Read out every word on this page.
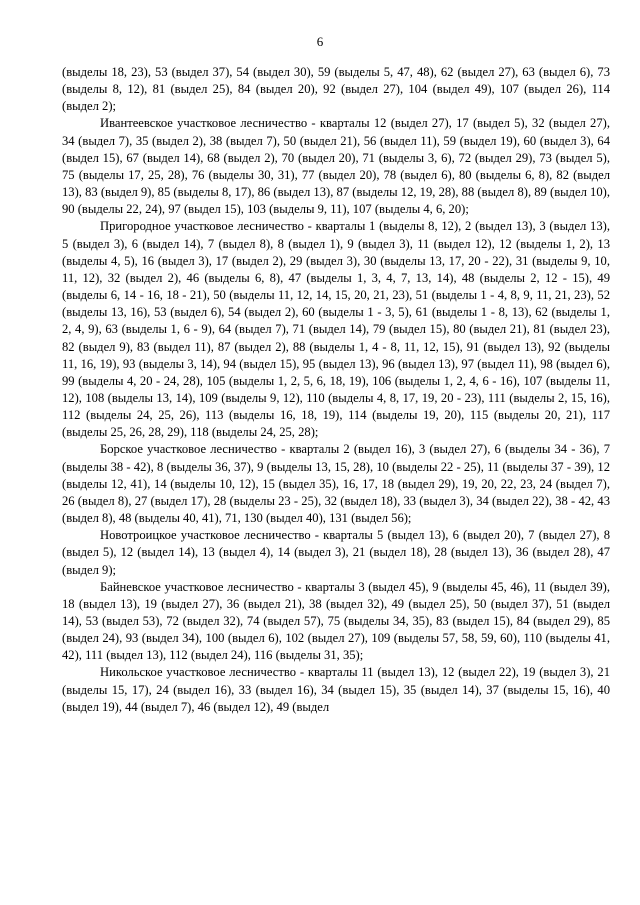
6

(выделы 18, 23), 53 (выдел 37), 54 (выдел 30), 59 (выделы 5, 47, 48), 62 (выдел 27), 63 (выдел 6), 73 (выделы 8, 12), 81 (выдел 25), 84 (выдел 20), 92 (выдел 27), 104 (выдел 49), 107 (выдел 26), 114 (выдел 2);

Ивантеевское участковое лесничество - кварталы 12 (выдел 27), 17 (выдел 5), 32 (выдел 27), 34 (выдел 7), 35 (выдел 2), 38 (выдел 7), 50 (выдел 21), 56 (выдел 11), 59 (выдел 19), 60 (выдел 3), 64 (выдел 15), 67 (выдел 14), 68 (выдел 2), 70 (выдел 20), 71 (выделы 3, 6), 72 (выдел 29), 73 (выдел 5), 75 (выделы 17, 25, 28), 76 (выделы 30, 31), 77 (выдел 20), 78 (выдел 6), 80 (выделы 6, 8), 82 (выдел 13), 83 (выдел 9), 85 (выделы 8, 17), 86 (выдел 13), 87 (выделы 12, 19, 28), 88 (выдел 8), 89 (выдел 10), 90 (выделы 22, 24), 97 (выдел 15), 103 (выделы 9, 11), 107 (выделы 4, 6, 20);

Пригородное участковое лесничество - кварталы 1 (выделы 8, 12), 2 (выдел 13), 3 (выдел 13), 5 (выдел 3), 6 (выдел 14), 7 (выдел 8), 8 (выдел 1), 9 (выдел 3), 11 (выдел 12), 12 (выделы 1, 2), 13 (выделы 4, 5), 16 (выдел 3), 17 (выдел 2), 29 (выдел 3), 30 (выделы 13, 17, 20 - 22), 31 (выделы 9, 10, 11, 12), 32 (выдел 2), 46 (выделы 6, 8), 47 (выделы 1, 3, 4, 7, 13, 14), 48 (выделы 2, 12 - 15), 49 (выделы 6, 14 - 16, 18 - 21), 50 (выделы 11, 12, 14, 15, 20, 21, 23), 51 (выделы 1 - 4, 8, 9, 11, 21, 23), 52 (выделы 13, 16), 53 (выдел 6), 54 (выдел 2), 60 (выделы 1 - 3, 5), 61 (выделы 1 - 8, 13), 62 (выделы 1, 2, 4, 9), 63 (выделы 1, 6 - 9), 64 (выдел 7), 71 (выдел 14), 79 (выдел 15), 80 (выдел 21), 81 (выдел 23), 82 (выдел 9), 83 (выдел 11), 87 (выдел 2), 88 (выделы 1, 4 - 8, 11, 12, 15), 91 (выдел 13), 92 (выделы 11, 16, 19), 93 (выделы 3, 14), 94 (выдел 15), 95 (выдел 13), 96 (выдел 13), 97 (выдел 11), 98 (выдел 6), 99 (выделы 4, 20 - 24, 28), 105 (выделы 1, 2, 5, 6, 18, 19), 106 (выделы 1, 2, 4, 6 - 16), 107 (выделы 11, 12), 108 (выделы 13, 14), 109 (выделы 9, 12), 110 (выделы 4, 8, 17, 19, 20 - 23), 111 (выделы 2, 15, 16), 112 (выделы 24, 25, 26), 113 (выделы 16, 18, 19), 114 (выделы 19, 20), 115 (выделы 20, 21), 117 (выделы 25, 26, 28, 29), 118 (выделы 24, 25, 28);

Борское участковое лесничество - кварталы 2 (выдел 16), 3 (выдел 27), 6 (выделы 34 - 36), 7 (выделы 38 - 42), 8 (выделы 36, 37), 9 (выделы 13, 15, 28), 10 (выделы 22 - 25), 11 (выделы 37 - 39), 12 (выделы 12, 41), 14 (выделы 10, 12), 15 (выдел 35), 16, 17, 18 (выдел 29), 19, 20, 22, 23, 24 (выдел 7), 26 (выдел 8), 27 (выдел 17), 28 (выделы 23 - 25), 32 (выдел 18), 33 (выдел 3), 34 (выдел 22), 38 - 42, 43 (выдел 8), 48 (выделы 40, 41), 71, 130 (выдел 40), 131 (выдел 56);

Новотроицкое участковое лесничество - кварталы 5 (выдел 13), 6 (выдел 20), 7 (выдел 27), 8 (выдел 5), 12 (выдел 14), 13 (выдел 4), 14 (выдел 3), 21 (выдел 18), 28 (выдел 13), 36 (выдел 28), 47 (выдел 9);

Байневское участковое лесничество - кварталы 3 (выдел 45), 9 (выделы 45, 46), 11 (выдел 39), 18 (выдел 13), 19 (выдел 27), 36 (выдел 21), 38 (выдел 32), 49 (выдел 25), 50 (выдел 37), 51 (выдел 14), 53 (выдел 53), 72 (выдел 32), 74 (выдел 57), 75 (выделы 34, 35), 83 (выдел 15), 84 (выдел 29), 85 (выдел 24), 93 (выдел 34), 100 (выдел 6), 102 (выдел 27), 109 (выделы 57, 58, 59, 60), 110 (выделы 41, 42), 111 (выдел 13), 112 (выдел 24), 116 (выделы 31, 35);

Никольское участковое лесничество - кварталы 11 (выдел 13), 12 (выдел 22), 19 (выдел 3), 21 (выделы 15, 17), 24 (выдел 16), 33 (выдел 16), 34 (выдел 15), 35 (выдел 14), 37 (выделы 15, 16), 40 (выдел 19), 44 (выдел 7), 46 (выдел 12), 49 (выдел
